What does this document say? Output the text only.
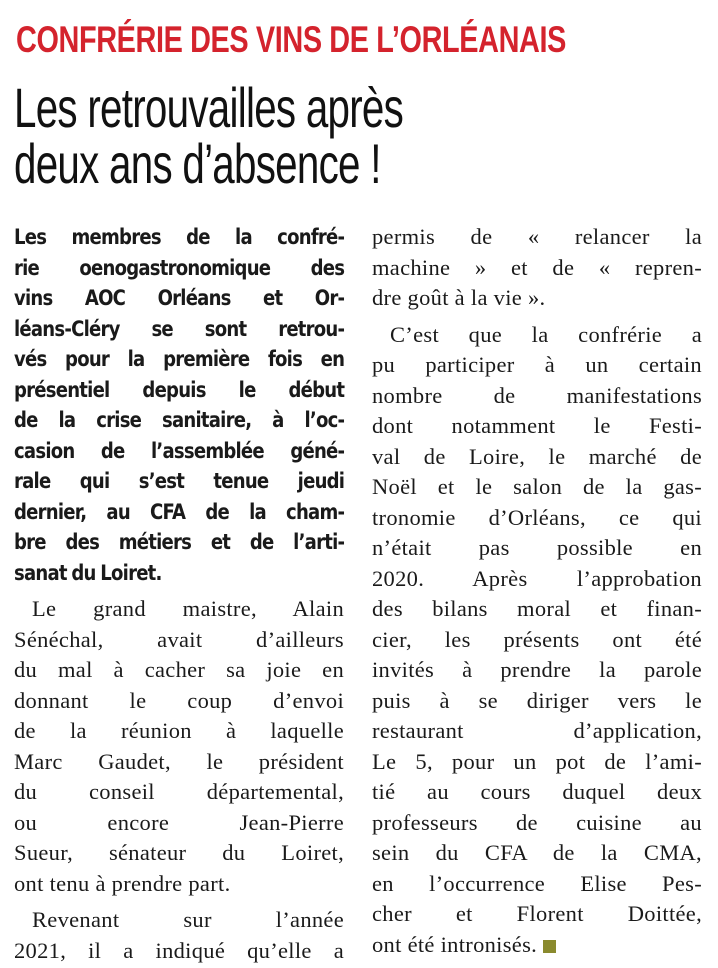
CONFRÉRIE DES VINS DE L’ORLÉANAIS
Les retrouvailles après
deux ans d’absence !
Les membres de la confré-
rie oenogastronomique des
vins AOC Orléans et Or-
léans-Cléry se sont retrou-
vés pour la première fois en
présentiel depuis le début
de la crise sanitaire, à l’oc-
casion de l’assemblée géné-
rale qui s’est tenue jeudi
dernier, au CFA de la cham-
bre des métiers et de l’arti-
sanat du Loiret.
Le grand maistre, Alain
Sénéchal, avait d’ailleurs
du mal à cacher sa joie en
donnant le coup d’envoi
de la réunion à laquelle
Marc Gaudet, le président
du conseil départemental,
ou encore Jean-Pierre
Sueur, sénateur du Loiret,
ont tenu à prendre part.
Revenant sur l’année
2021, il a indiqué qu’elle a
permis de « relancer la
machine » et de « repren-
dre goût à la vie ».
C’est que la confrérie a
pu participer à un certain
nombre de manifestations
dont notamment le Festi-
val de Loire, le marché de
Noël et le salon de la gas-
tronomie d’Orléans, ce qui
n’était pas possible en
2020. Après l’approbation
des bilans moral et finan-
cier, les présents ont été
invités à prendre la parole
puis à se diriger vers le
restaurant d’application,
Le 5, pour un pot de l’ami-
tié au cours duquel deux
professeurs de cuisine au
sein du CFA de la CMA,
en l’occurrence Elise Pes-
cher et Florent Doittée,
ont été intronisés.
